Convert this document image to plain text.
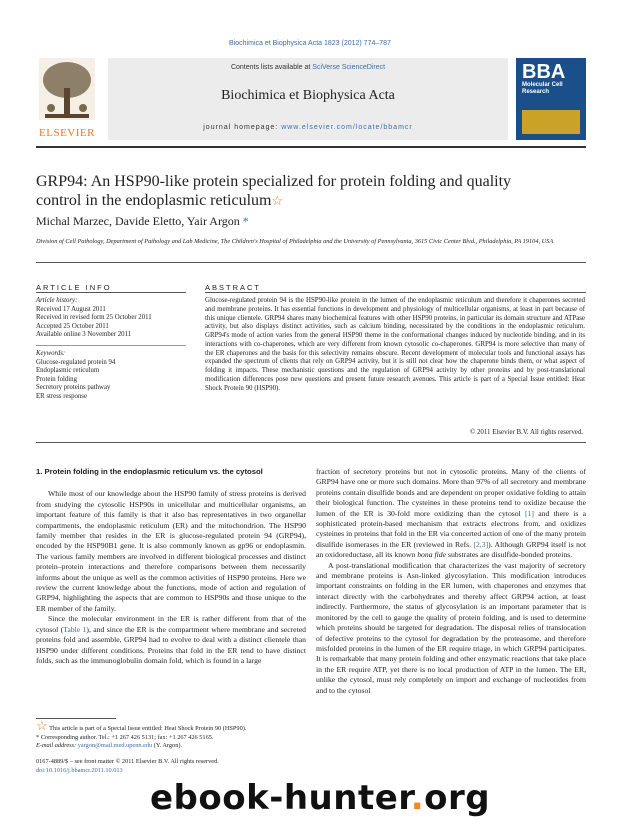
Biochimica et Biophysica Acta 1823 (2012) 774–787
ELSEVIER
Contents lists available at SciVerse ScienceDirect
Biochimica et Biophysica Acta
journal homepage: www.elsevier.com/locate/bbamcr
BBA
Molecular Cell Research
GRP94: An HSP90-like protein specialized for protein folding and quality control in the endoplasmic reticulum☆
Michal Marzec, Davide Eletto, Yair Argon *
Division of Cell Pathology, Department of Pathology and Lab Medicine, The Children's Hospital of Philadelphia and the University of Pennsylvania, 3615 Civic Center Blvd., Philadelphia, PA 19104, USA
ARTICLE INFO	ABSTRACT
Article history:
Received 17 August 2011
Received in revised form 25 October 2011
Accepted 25 October 2011
Available online 3 November 2011
Keywords:
Glucose-regulated protein 94
Endoplasmic reticulum
Protein folding
Secretory proteins pathway
ER stress response
Glucose-regulated protein 94 is the HSP90-like protein in the lumen of the endoplasmic reticulum and therefore it chaperones secreted and membrane proteins. It has essential functions in development and physiology of multicellular organisms, at least in part because of this unique clientele. GRP94 shares many biochemical features with other HSP90 proteins, in particular its domain structure and ATPase activity, but also displays distinct activities, such as calcium binding, necessitated by the conditions in the endoplasmic reticulum. GRP94's mode of action varies from the general HSP90 theme in the conformational changes induced by nucleotide binding, and in its interactions with co-chaperones, which are very different from known cytosolic co-chaperones. GRP94 is more selective than many of the ER chaperones and the basis for this selectivity remains obscure. Recent development of molecular tools and functional assays has expanded the spectrum of clients that rely on GRP94 activity, but it is still not clear how the chaperone binds them, or what aspect of folding it impacts. These mechanistic questions and the regulation of GRP94 activity by other proteins and by post-translational modification differences pose new questions and present future research avenues. This article is part of a Special Issue entitled: Heat Shock Protein 90 (HSP90).
© 2011 Elsevier B.V. All rights reserved.
1. Protein folding in the endoplasmic reticulum vs. the cytosol

While most of our knowledge about the HSP90 family of stress proteins is derived from studying the cytosolic HSP90s in unicellular and multicellular organisms, an important feature of this family is that it also has representatives in two organellar compartments, the endoplasmic reticulum (ER) and the mitochondrion. The HSP90 family member that resides in the ER is glucose-regulated protein 94 (GRP94), encoded by the HSP90B1 gene. It is also commonly known as gp96 or endoplasmin. The various family members are involved in different biological processes and distinct protein–protein interactions and therefore comparisons between them necessarily informs about the unique as well as the common activities of HSP90 proteins. Here we review the current knowledge about the functions, mode of action and regulation of GRP94, highlighting the aspects that are common to HSP90s and those unique to the ER member of the family.

Since the molecular environment in the ER is rather different from that of the cytosol (Table 1), and since the ER is the compartment where membrane and secreted proteins fold and assemble, GRP94 had to evolve to deal with a distinct clientele than HSP90 under different conditions. Proteins that fold in the ER tend to have distinct folds, such as the immunoglobulin domain fold, which is found in a large

fraction of secretory proteins but not in cytosolic proteins. Many of the clients of GRP94 have one or more such domains. More than 97% of all secretory and membrane proteins contain disulfide bonds and are dependent on proper oxidative folding to attain their biological function. The cysteines in these proteins tend to oxidize because the lumen of the ER is 30-fold more oxidizing than the cytosol [1] and there is a sophisticated protein-based mechanism that extracts electrons from, and oxidizes cysteines in proteins that fold in the ER via concerted action of one of the many protein disulfide isomerases in the ER (reviewed in Refs. [2,3]). Although GRP94 itself is not an oxidoreductase, all its known bona fide substrates are disulfide-bonded proteins.

A post-translational modification that characterizes the vast majority of secretory and membrane proteins is Asn-linked glycosylation. This modification introduces important constraints on folding in the ER lumen, with chaperones and enzymes that interact directly with the carbohydrates and thereby affect GRP94 action, at least indirectly. Furthermore, the status of glycosylation is an important parameter that is monitored by the cell to gauge the quality of protein folding, and is used to determine which proteins should be targeted for degradation. The disposal relies of translocation of defective proteins to the cytosol for degradation by the proteasome, and therefore misfolded proteins in the lumen of the ER require triage, in which GRP94 participates. It is remarkable that many protein folding and other enzymatic reactions that take place in the ER require ATP, yet there is no local production of ATP in the lumen. The ER, unlike the cytosol, must rely completely on import and exchange of nucleotides from and to the cytosol

☆ This article is part of a Special Issue entitled: Heat Shock Protein 90 (HSP90).
* Corresponding author. Tel.: +1 267 426 5131; fax: +1 267 426 5165.
E-mail address: yargon@mail.med.upenn.edu (Y. Argon).
0167-4889/$ – see front matter © 2011 Elsevier B.V. All rights reserved.
doi:10.1016/j.bbamcr.2011.10.013
ebook-hunter.org
